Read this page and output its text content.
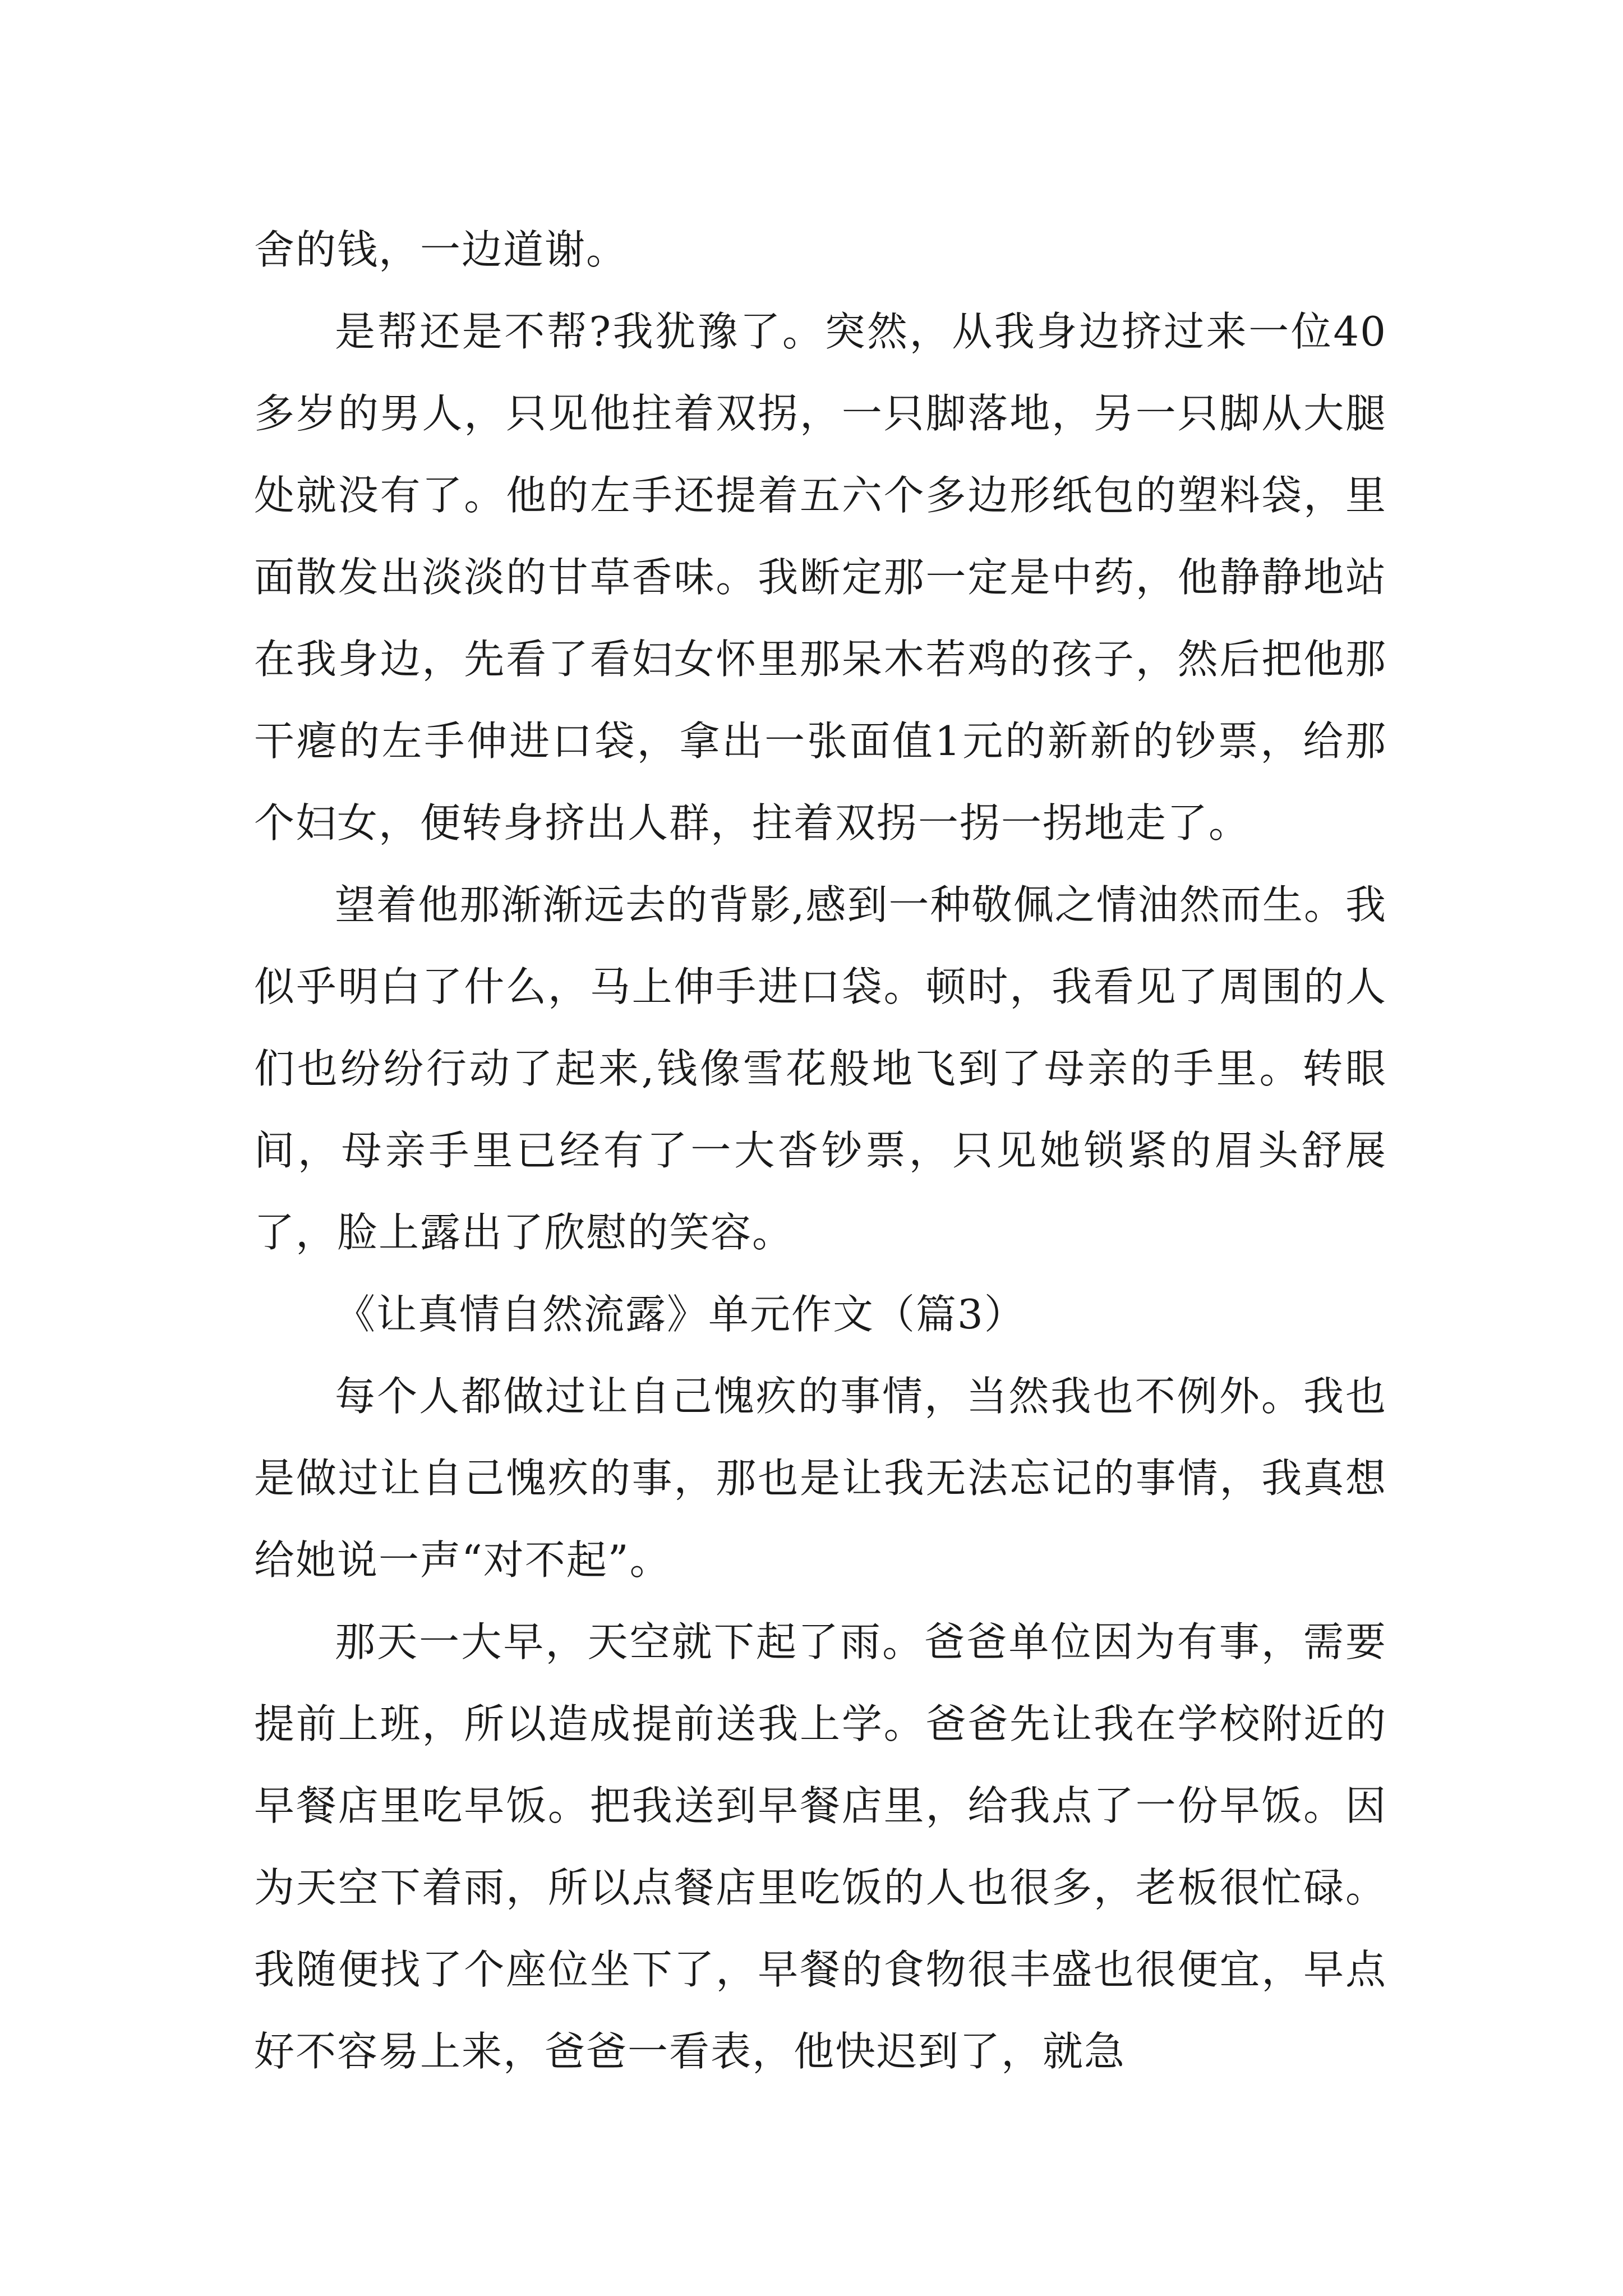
舍的钱，一边道谢。

是帮还是不帮?我犹豫了。突然，从我身边挤过来一位40多岁的男人，只见他拄着双拐，一只脚落地，另一只脚从大腿处就没有了。他的左手还提着五六个多边形纸包的塑料袋，里面散发出淡淡的甘草香味。我断定那一定是中药，他静静地站在我身边，先看了看妇女怀里那呆木若鸡的孩子，然后把他那干瘪的左手伸进口袋，拿出一张面值1元的新新的钞票，给那个妇女，便转身挤出人群，拄着双拐一拐一拐地走了。

望着他那渐渐远去的背影,感到一种敬佩之情油然而生。我似乎明白了什么，马上伸手进口袋。顿时，我看见了周围的人们也纷纷行动了起来,钱像雪花般地飞到了母亲的手里。转眼间，母亲手里已经有了一大沓钞票，只见她锁紧的眉头舒展了，脸上露出了欣慰的笑容。

《让真情自然流露》单元作文（篇3）

每个人都做过让自己愧疚的事情，当然我也不例外。我也是做过让自己愧疚的事，那也是让我无法忘记的事情，我真想给她说一声“对不起”。

那天一大早，天空就下起了雨。爸爸单位因为有事，需要提前上班，所以造成提前送我上学。爸爸先让我在学校附近的早餐店里吃早饭。把我送到早餐店里，给我点了一份早饭。因为天空下着雨，所以点餐店里吃饭的人也很多，老板很忙碌。我随便找了个座位坐下了，早餐的食物很丰盛也很便宜，早点好不容易上来，爸爸一看表，他快迟到了，就急
